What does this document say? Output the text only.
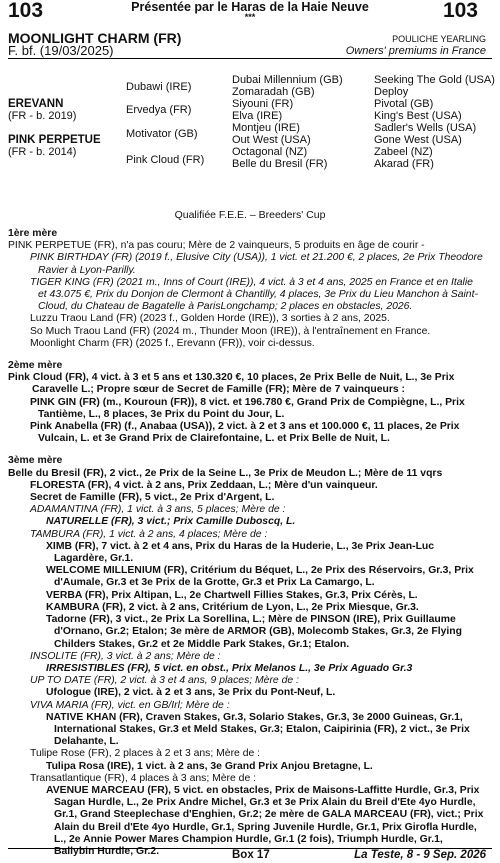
103	Présentée par le Haras de la Haie Neuve
***	103
MOONLIGHT CHARM (FR)
F. bf. (19/03/2025)
POULICHE YEARLING
Owners' premiums in France
EREVANN
(FR - b. 2019)
PINK PERPETUE
(FR - b. 2014)
Dubawi (IRE)
Ervedya (FR)
Motivator (GB)
Pink Cloud (FR)
Dubai Millennium (GB)
Zomaradah (GB)
Siyouni (FR)
Elva (IRE)
Montjeu (IRE)
Out West (USA)
Octagonal (NZ)
Belle du Bresil (FR)
Seeking The Gold (USA)
Deploy
Pivotal (GB)
King's Best (USA)
Sadler's Wells (USA)
Gone West (USA)
Zabeel (NZ)
Akarad (FR)
Qualifiée F.E.E. – Breeders' Cup
1ère mère
PINK PERPETUE (FR), n'a pas couru; Mère de 2 vainqueurs, 5 produits en âge de courir -
PINK BIRTHDAY (FR) (2019 f., Elusive City (USA)), 1 vict. et 21.200 €, 2 places, 2e Prix Theodore Ravier à Lyon-Parilly.
TIGER KING (FR) (2021 m., Inns of Court (IRE)), 4 vict. à 3 et 4 ans, 2025 en France et en Italie et 43.075 €, Prix du Donjon de Clermont à Chantilly, 4 places, 3e Prix du Lieu Manchon à Saint-Cloud, du Chateau de Bagatelle à ParisLongchamp; 2 places en obstacles, 2026.
Luzzu Traou Land (FR) (2023 f., Golden Horde (IRE)), 3 sorties à 2 ans, 2025.
So Much Traou Land (FR) (2024 m., Thunder Moon (IRE)), à l'entraînement en France.
Moonlight Charm (FR) (2025 f., Erevann (FR)), voir ci-dessus.
2ème mère
Pink Cloud (FR), 4 vict. à 3 et 5 ans et 130.320 €, 10 places, 2e Prix Belle de Nuit, L., 3e Prix Caravelle L.; Propre sœur de Secret de Famille (FR); Mère de 7 vainqueurs :
PINK GIN (FR) (m., Kouroun (FR)), 8 vict. et 196.780 €, Grand Prix de Compiègne, L., Prix Tantième, L., 8 places, 3e Prix du Point du Jour, L.
Pink Anabella (FR) (f., Anabaa (USA)), 2 vict. à 2 et 3 ans et 100.000 €, 11 places, 2e Prix Vulcain, L. et 3e Grand Prix de Clairefontaine, L. et Prix Belle de Nuit, L.
3ème mère
Belle du Bresil (FR), 2 vict., 2e Prix de la Seine L., 3e Prix de Meudon L.; Mère de 11 vqrs
FLORESTA (FR), 4 vict. à 2 ans, Prix Zeddaan, L.; Mère d'un vainqueur.
Secret de Famille (FR), 5 vict., 2e Prix d'Argent, L.
ADAMANTINA (FR), 1 vict. à 3 ans, 5 places; Mère de :
NATURELLE (FR), 3 vict.; Prix Camille Duboscq, L.
TAMBURA (FR), 1 vict. à 2 ans, 4 places; Mère de :
XIMB (FR), 7 vict. à 2 et 4 ans, Prix du Haras de la Huderie, L., 3e Prix Jean-Luc Lagardère, Gr.1.
WELCOME MILLENIUM (FR), Critérium du Béquet, L., 2e Prix des Réservoirs, Gr.3, Prix d'Aumale, Gr.3 et 3e Prix de la Grotte, Gr.3 et Prix La Camargo, L.
VERBA (FR), Prix Altipan, L., 2e Chartwell Fillies Stakes, Gr.3, Prix Cérès, L.
KAMBURA (FR), 2 vict. à 2 ans, Critérium de Lyon, L., 2e Prix Miesque, Gr.3.
Tadorne (FR), 3 vict., 2e Prix La Sorellina, L.; Mère de PINSON (IRE), Prix Guillaume d'Ornano, Gr.2; Etalon; 3e mère de ARMOR (GB), Molecomb Stakes, Gr.3, 2e Flying Childers Stakes, Gr.2 et 2e Middle Park Stakes, Gr.1; Etalon.
INSOLITE (FR), 3 vict. à 2 ans; Mère de :
IRRESISTIBLES (FR), 5 vict. en obst., Prix Melanos L., 3e Prix Aguado Gr.3
UP TO DATE (FR), 2 vict. à 3 et 4 ans, 9 places; Mère de :
Ufologue (IRE), 2 vict. à 2 et 3 ans, 3e Prix du Pont-Neuf, L.
VIVA MARIA (FR), vict. en GB/Irl; Mère de :
NATIVE KHAN (FR), Craven Stakes, Gr.3, Solario Stakes, Gr.3, 3e 2000 Guineas, Gr.1, International Stakes, Gr.3 et Meld Stakes, Gr.3; Etalon, Caipirinia (FR), 2 vict., 3e Prix Delahante, L.
Tulipe Rose (FR), 2 places à 2 et 3 ans; Mère de :
Tulipa Rosa (IRE), 1 vict. à 2 ans, 3e Grand Prix Anjou Bretagne, L.
Transatlantique (FR), 4 places à 3 ans; Mère de :
AVENUE MARCEAU (FR), 5 vict. en obstacles, Prix de Maisons-Laffitte Hurdle, Gr.3, Prix Sagan Hurdle, L., 2e Prix Andre Michel, Gr.3 et 3e Prix Alain du Breil d'Ete 4yo Hurdle, Gr.1, Grand Steeplechase d'Enghien, Gr.2; 2e mère de GALA MARCEAU (FR), vict.; Prix Alain du Breil d'Ete 4yo Hurdle, Gr.1, Spring Juvenile Hurdle, Gr.1, Prix Girofla Hurdle, L., 2e Annie Power Mares Champion Hurdle, Gr.1 (2 fois), Triumph Hurdle, Gr.1, Ballybin Hurdle, Gr.2.	Box 17	La Teste, 8 - 9 Sep. 2026
